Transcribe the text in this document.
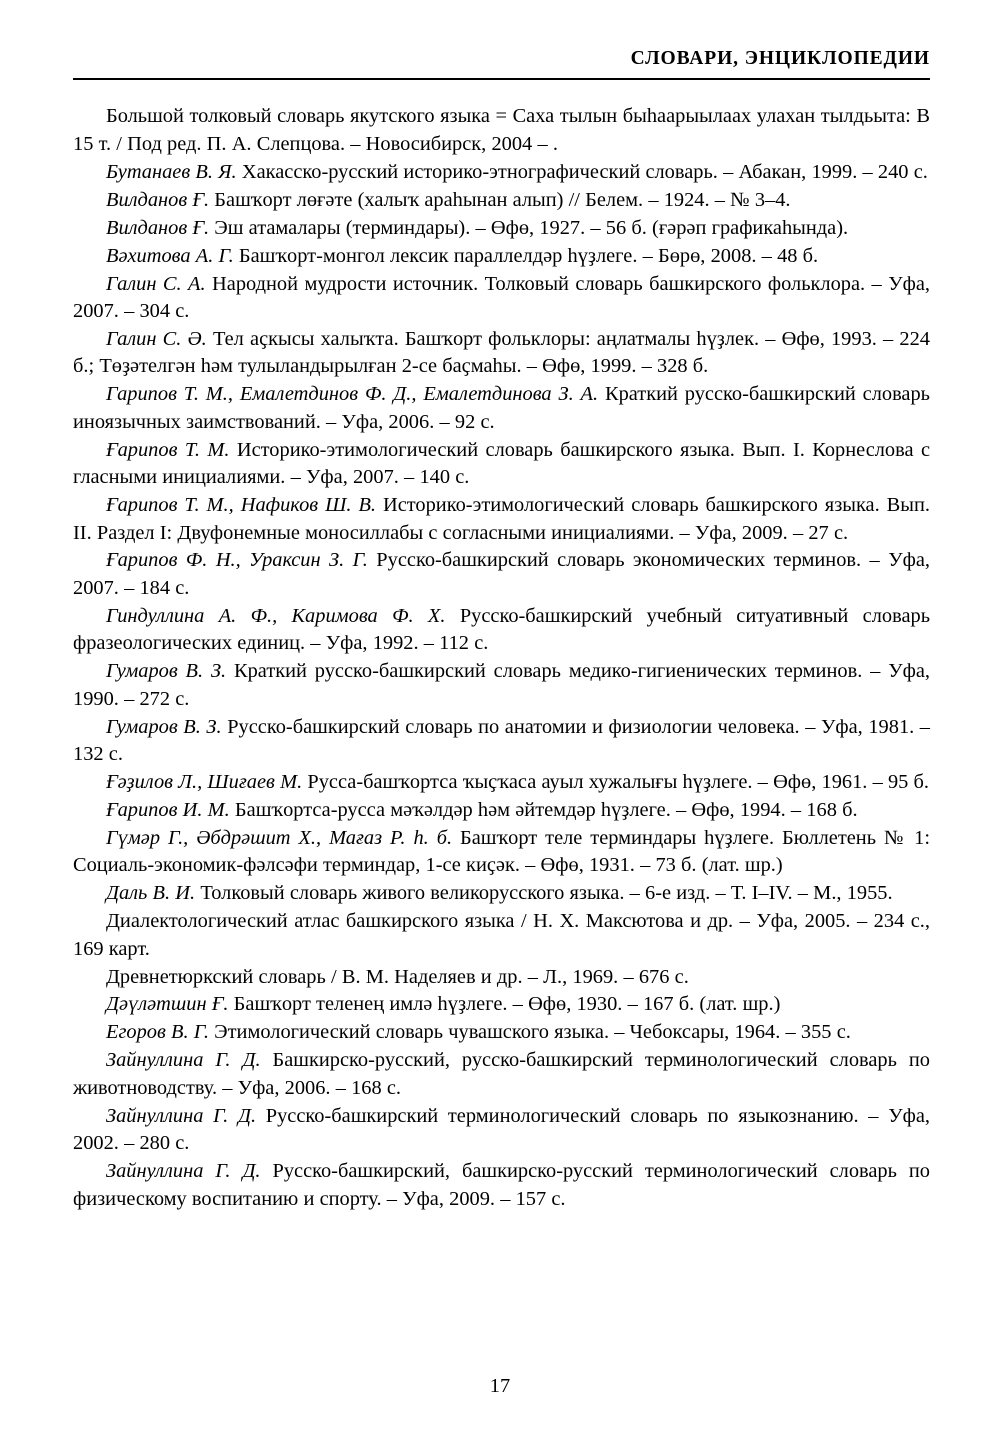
СЛОВАРИ, ЭНЦИКЛОПЕДИИ

Большой толковый словарь якутского языка = Саха тылын быһаарыылаах улахан тылдьыта: В 15 т. / Под ред. П. А. Слепцова. – Новосибирск, 2004 – .

Бутанаев В. Я. Хакасско-русский историко-этнографический словарь. – Абакан, 1999. – 240 с.

Вилданов Ғ. Башҡорт лөғәте (халыҡ араһынан алып) // Белем. – 1924. – № 3–4.

Вилданов Ғ. Эш атамалары (терминдары). – Өфө, 1927. – 56 б. (ғәрәп графикаһында).

Вәхитова А. Г. Башҡорт-монгол лексик параллелдәр һүҙлеге. – Бөрө, 2008. – 48 б.

Галин С. А. Народной мудрости источник. Толковый словарь башкирского фольклора. – Уфа, 2007. – 304 с.

Галин С. Ә. Тел аҫкысы халыҡта. Башҡорт фольклоры: аңлатмалы һүҙлек. – Өфө, 1993. – 224 б.; Төҙәтелгән һәм тулыландырылған 2-се баҫмаһы. – Өфө, 1999. – 328 б.

Гарипов Т. М., Емалетдинов Ф. Д., Емалетдинова З. А. Краткий русско-башкирский словарь иноязычных заимствований. – Уфа, 2006. – 92 с.

Ғарипов Т. М. Историко-этимологический словарь башкирского языка. Вып. I. Корнеслова с гласными инициалиями. – Уфа, 2007. – 140 с.

Ғарипов Т. М., Нафиков Ш. В. Историко-этимологический словарь башкирского языка. Вып. II. Раздел I: Двуфонемные моносиллабы с согласными инициалиями. – Уфа, 2009. – 27 с.

Ғарипов Ф. Н., Ураксин З. Г. Русско-башкирский словарь экономических терминов. – Уфа, 2007. – 184 с.

Гиндуллина А. Ф., Каримова Ф. Х. Русско-башкирский учебный ситуативный словарь фразеологических единиц. – Уфа, 1992. – 112 с.

Гумаров В. З. Краткий русско-башкирский словарь медико-гигиенических терминов. – Уфа, 1990. – 272 с.

Гумаров В. З. Русско-башкирский словарь по анатомии и физиологии человека. – Уфа, 1981. – 132 с.

Ғәҙилов Л., Шиғаев М. Русса-башҡортса ҡыҫҡаса ауыл хужалығы һүҙлеге. – Өфө, 1961. – 95 б.

Ғарипов И. М. Башҡортса-русса мәҡәлдәр һәм әйтемдәр һүҙлеге. – Өфө, 1994. – 168 б.

Гүмәр Г., Әбдрәшит Х., Мағаз Р. һ. б. Башҡорт теле терминдары һүҙлеге. Бюллетень № 1: Социаль-экономик-фәлсәфи терминдар, 1-се киҫәк. – Өфө, 1931. – 73 б. (лат. шр.)

Даль В. И. Толковый словарь живого великорусского языка. – 6-е изд. – Т. I–IV. – М., 1955.

Диалектологический атлас башкирского языка / Н. Х. Максютова и др. – Уфа, 2005. – 234 с., 169 карт.

Древнетюркский словарь / В. М. Наделяев и др. – Л., 1969. – 676 с.

Дәүләтшин Ғ. Башҡорт теленең имлә һүҙлеге. – Өфө, 1930. – 167 б. (лат. шр.)

Егоров В. Г. Этимологический словарь чувашского языка. – Чебоксары, 1964. – 355 с.

Зайнуллина Г. Д. Башкирско-русский, русско-башкирский терминологический словарь по животноводству. – Уфа, 2006. – 168 с.

Зайнуллина Г. Д. Русско-башкирский терминологический словарь по языкознанию. – Уфа, 2002. – 280 с.

Зайнуллина Г. Д. Русско-башкирский, башкирско-русский терминологический словарь по физическому воспитанию и спорту. – Уфа, 2009. – 157 с.

17
